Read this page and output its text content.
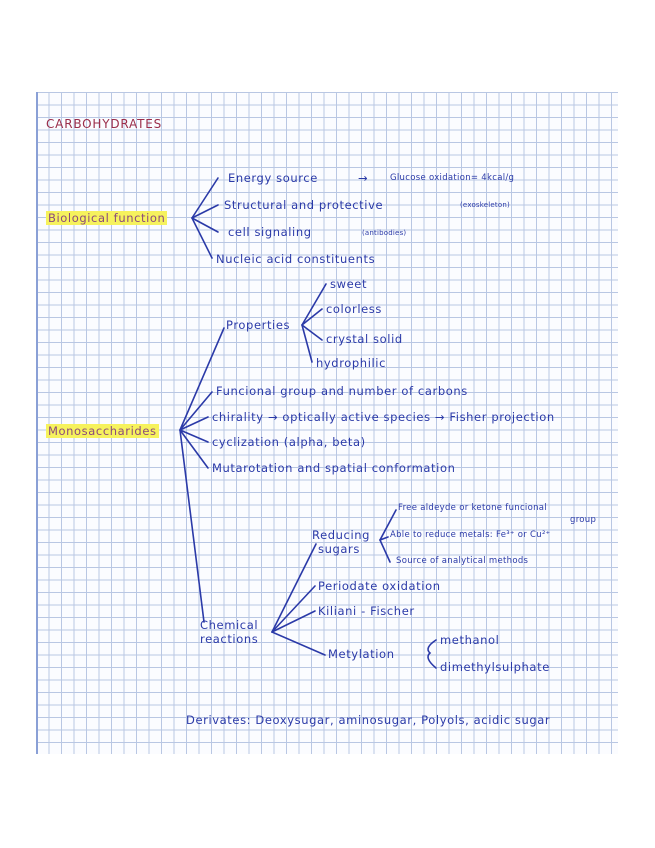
CARBOHYDRATES
Biological function
Energy source	→	Glucose oxidation= 4kcal/g
Structural and protective	(exoskeleton)
cell signaling	(antibodies)
Nucleic acid constituents
Monosaccharides
Properties
sweet
colorless
crystal solid
hydrophilic
Funcional group and number of carbons
chirality → optically active species → Fisher projection
cyclization (alpha, beta)
Mutarotation and spatial conformation
Chemical
reactions
Reducing
sugars
Free aldeyde or ketone funcional
group
Able to reduce metals: Fe³⁺ or Cu²⁺
Source of analytical methods
Periodate oxidation
Kiliani - Fischer
Metylation
methanol
dimethylsulphate
Derivates: Deoxysugar, aminosugar, Polyols, acidic sugar
